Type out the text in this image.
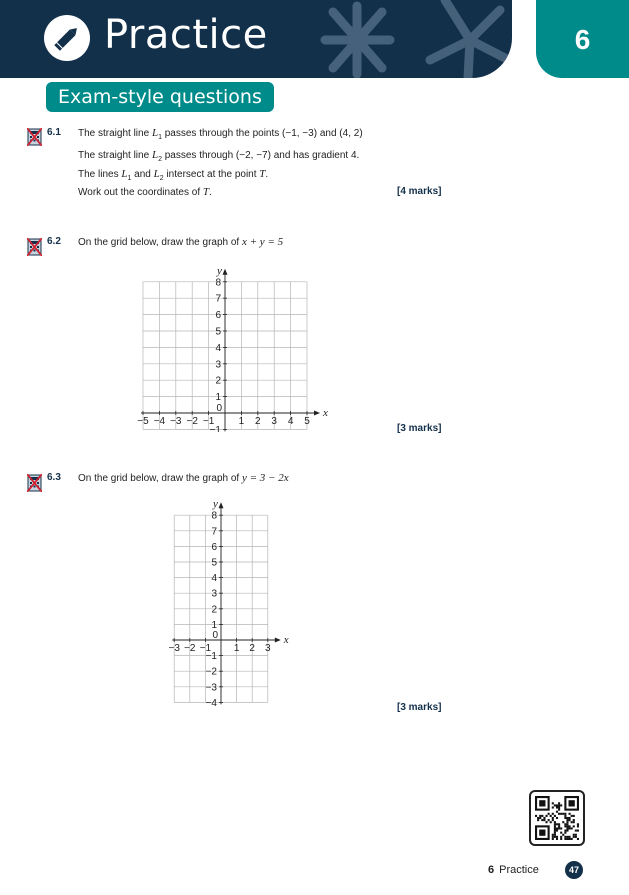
Practice	6
Exam-style questions
6.1 The straight line $L_1$ passes through the points (−1, −3) and (4, 2)
The straight line $L_2$ passes through (−2, −7) and has gradient 4.
The lines $L_1$ and $L_2$ intersect at the point T.
Work out the coordinates of T.	[4 marks]
6.2 On the grid below, draw the graph of x + y = 5
−5 −4 −3 −2 −1 1 2 3 4 5
−1
1
2
3
4
5
6
7
8
0	x
y
[3 marks]
6.3 On the grid below, draw the graph of y = 3 − 2x
−3 −2 −1 1 2 3
−4
−3
−2
−1
1
2
3
4
5
6
7
8
0	x
y
[3 marks]
6 Practice	47
